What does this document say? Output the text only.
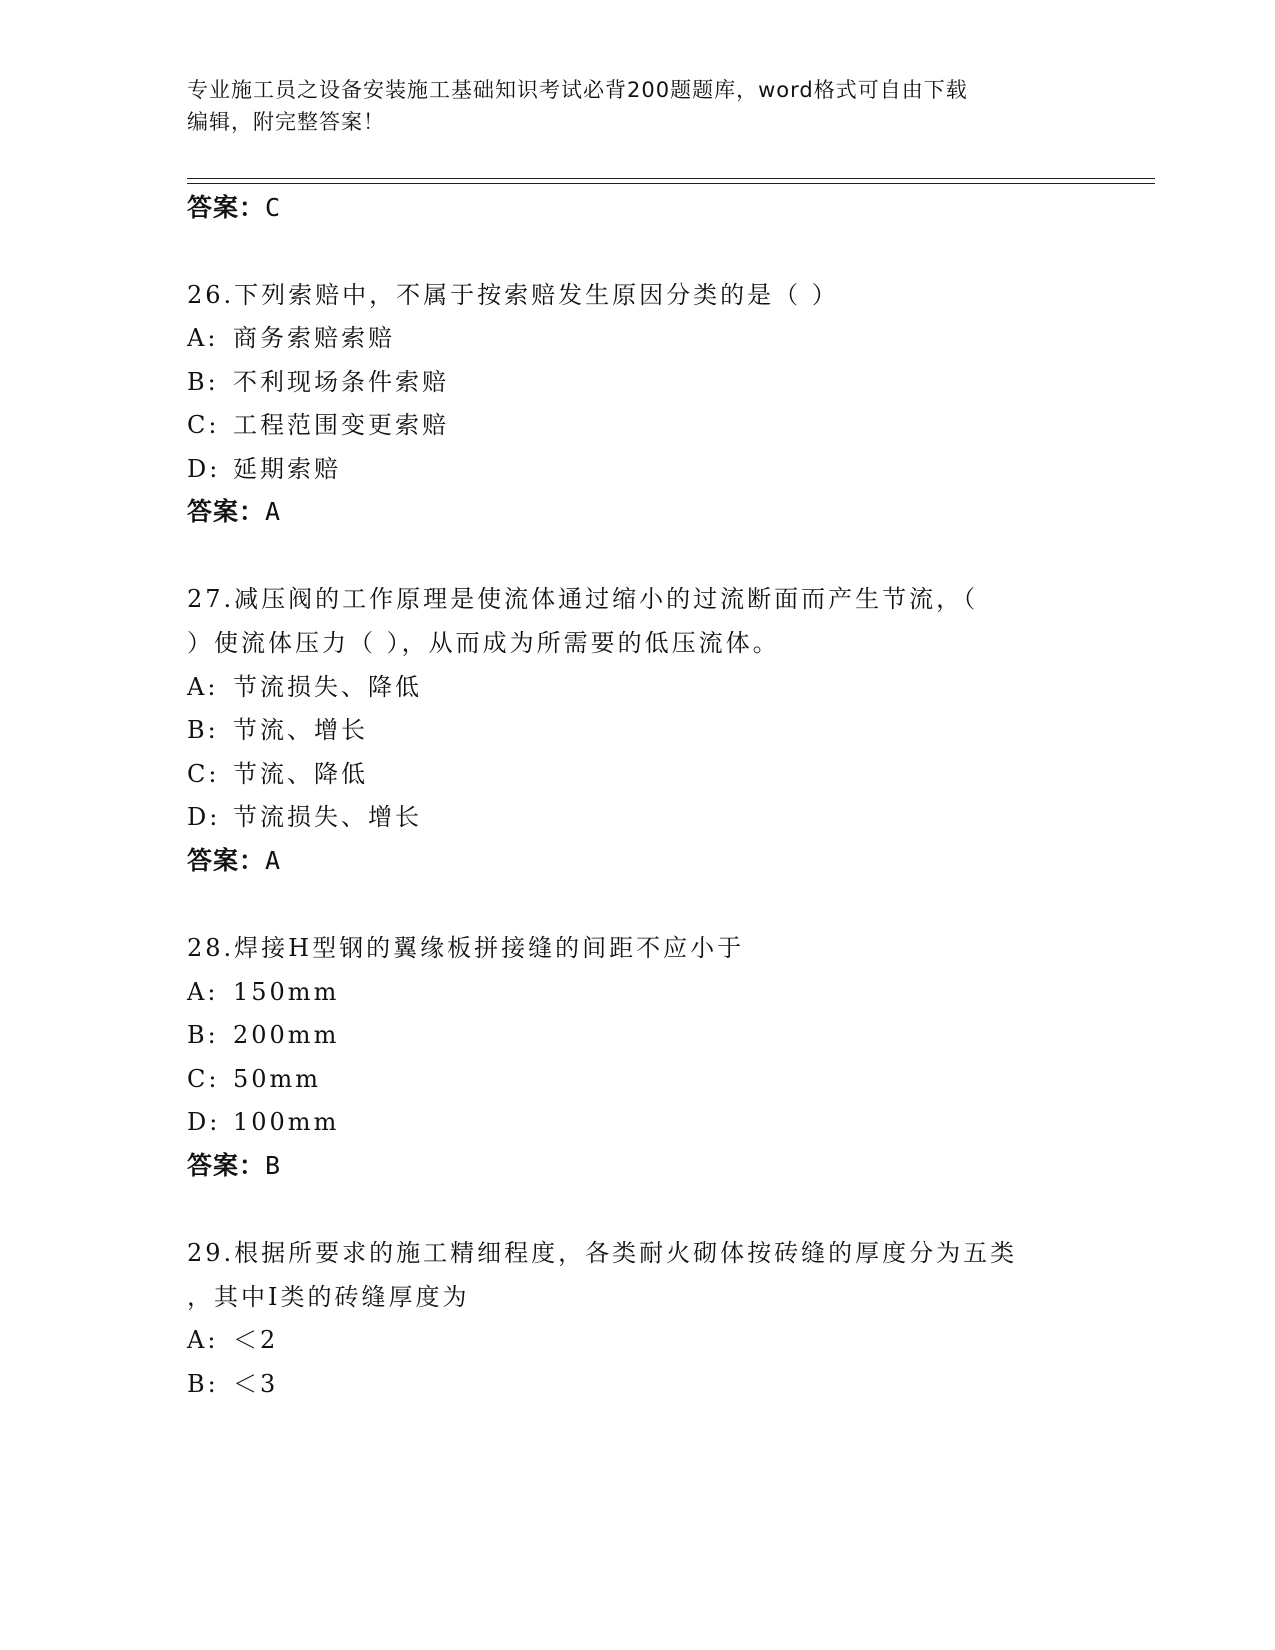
专业施工员之设备安装施工基础知识考试必背200题题库，word格式可自由下载
编辑，附完整答案！
答案：C
26.下列索赔中，不属于按索赔发生原因分类的是（ ）
A: 商务索赔索赔
B: 不利现场条件索赔
C: 工程范围变更索赔
D: 延期索赔
答案：A
27.减压阀的工作原理是使流体通过缩小的过流断面而产生节流，（
）使流体压力（ ），从而成为所需要的低压流体。
A: 节流损失、降低
B: 节流、增长
C: 节流、降低
D: 节流损失、增长
答案：A
28.焊接H型钢的翼缘板拼接缝的间距不应小于
A: 150mm
B: 200mm
C: 50mm
D: 100mm
答案：B
29.根据所要求的施工精细程度，各类耐火砌体按砖缝的厚度分为五类
，其中Ⅰ类的砖缝厚度为
A: ＜2
B: ＜3
